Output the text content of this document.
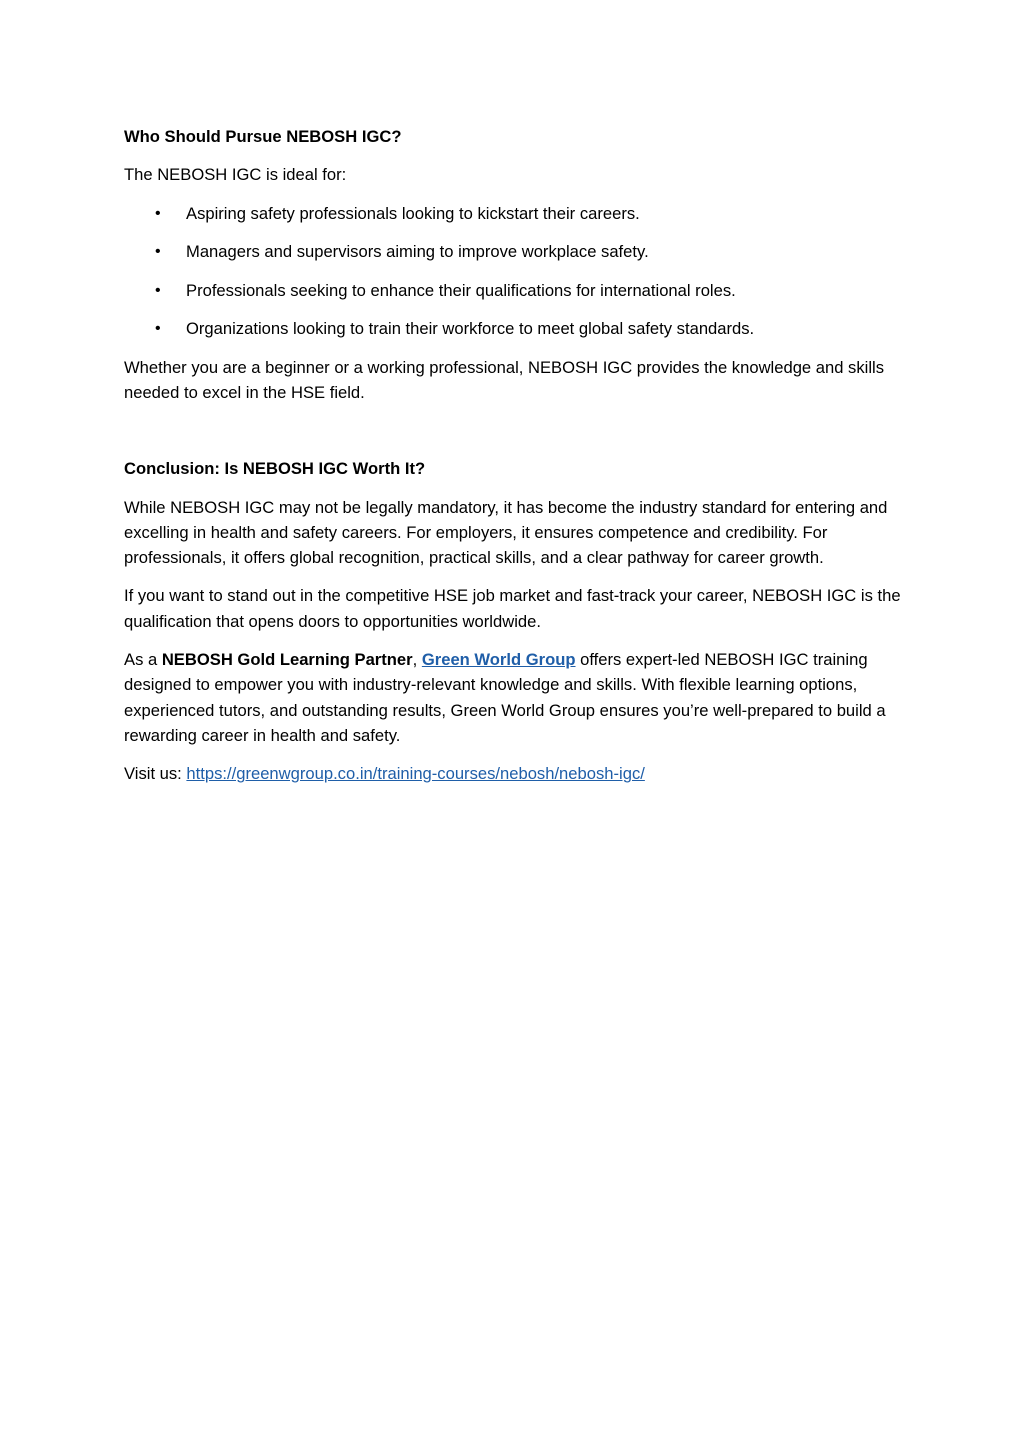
Who Should Pursue NEBOSH IGC?

The NEBOSH IGC is ideal for:

• Aspiring safety professionals looking to kickstart their careers.
• Managers and supervisors aiming to improve workplace safety.
• Professionals seeking to enhance their qualifications for international roles.
• Organizations looking to train their workforce to meet global safety standards.

Whether you are a beginner or a working professional, NEBOSH IGC provides the knowledge and skills needed to excel in the HSE field.

Conclusion: Is NEBOSH IGC Worth It?

While NEBOSH IGC may not be legally mandatory, it has become the industry standard for entering and excelling in health and safety careers. For employers, it ensures competence and credibility. For professionals, it offers global recognition, practical skills, and a clear pathway for career growth.

If you want to stand out in the competitive HSE job market and fast-track your career, NEBOSH IGC is the qualification that opens doors to opportunities worldwide.

As a NEBOSH Gold Learning Partner, Green World Group offers expert-led NEBOSH IGC training designed to empower you with industry-relevant knowledge and skills. With flexible learning options, experienced tutors, and outstanding results, Green World Group ensures you’re well-prepared to build a rewarding career in health and safety.

Visit us: https://greenwgroup.co.in/training-courses/nebosh/nebosh-igc/
